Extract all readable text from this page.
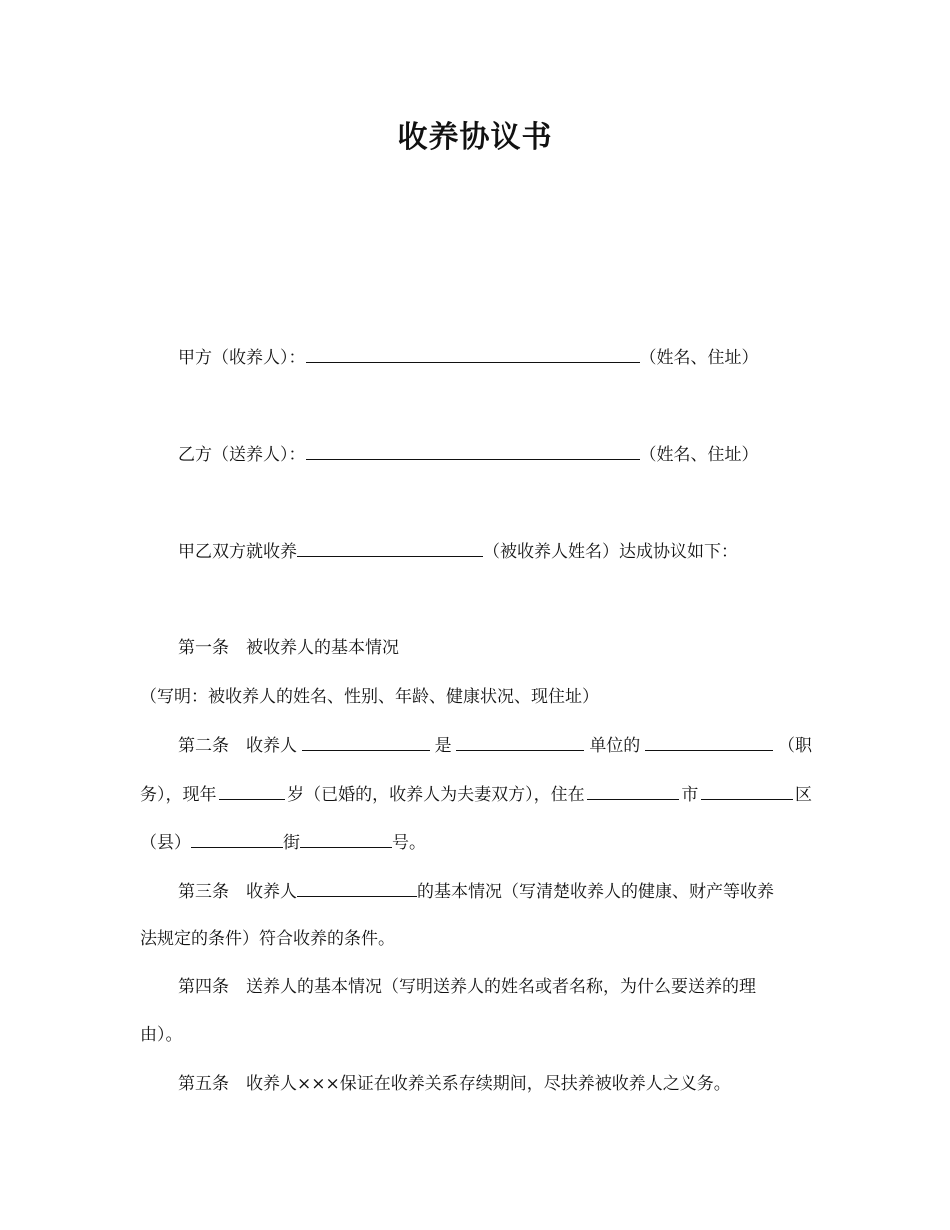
收养协议书
甲方（收养人）：	（姓名、住址）
乙方（送养人）：	（姓名、住址）
甲乙双方就收养	（被收养人姓名）达成协议如下：
第一条　被收养人的基本情况
（写明：被收养人的姓名、性别、年龄、健康状况、现住址）
第二条　收养人	是	单位的	（职
务），现年	岁（已婚的，收养人为夫妻双方），住在	市	区
（县）	街	号。
第三条　收养人	的基本情况（写清楚收养人的健康、财产等收养
法规定的条件）符合收养的条件。
第四条　送养人的基本情况（写明送养人的姓名或者名称，为什么要送养的理
由）。
第五条　收养人×××保证在收养关系存续期间，尽扶养被收养人之义务。
